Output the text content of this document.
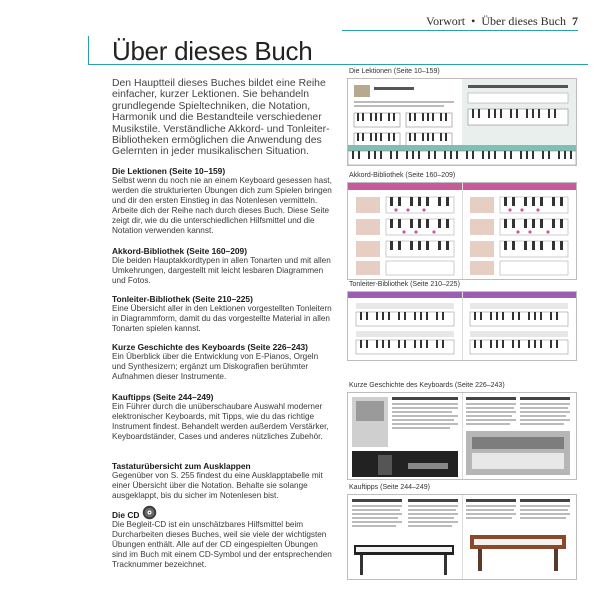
Vorwort • Über dieses Buch 7
Über dieses Buch
Den Hauptteil dieses Buches bildet eine Reihe einfacher, kurzer Lektionen. Sie behandeln grundlegende Spieltechniken, die Notation, Harmonik und die Bestandteile verschiedener Musikstile. Verständliche Akkord- und Tonleiter-Bibliotheken ermöglichen die Anwendung des Gelernten in jeder musikalischen Situation.
Die Lektionen (Seite 10–159)

Selbst wenn du noch nie an einem Keyboard gesessen hast, werden die strukturierten Übungen dich zum Spielen bringen und dir den ersten Einstieg in das Notenlesen vermitteln. Arbeite dich der Reihe nach durch dieses Buch. Diese Seite zeigt dir, wie du die unterschiedlichen Hilfsmittel und die Notation verwenden kannst.

Akkord-Bibliothek (Seite 160–209)

Die beiden Hauptakkordtypen in allen Tonarten und mit allen Umkehrungen, dargestellt mit leicht lesbaren Diagrammen und Fotos.

Tonleiter-Bibliothek (Seite 210–225)

Eine Übersicht aller in den Lektionen vorgestellten Tonleitern in Diagrammform, damit du das vorgestellte Material in allen Tonarten spielen kannst.

Kurze Geschichte des Keyboards (Seite 226–243)

Ein Überblick über die Entwicklung von E-Pianos, Orgeln und Synthesizern; ergänzt um Diskografien berühmter Aufnahmen dieser Instrumente.

Kauftipps (Seite 244–249)

Ein Führer durch die unüberschaubare Auswahl moderner elektronischer Keyboards, mit Tipps, wie du das richtige Instrument findest. Behandelt werden außerdem Verstärker, Keyboardständer, Cases und anderes nützliches Zubehör.

Tastaturübersicht zum Ausklappen

Gegenüber von S. 255 findest du eine Ausklapptabelle mit einer Übersicht über die Notation. Behalte sie solange ausgeklappt, bis du sicher im Notenlesen bist.

Die CD

Die Begleit-CD ist ein unschätzbares Hilfsmittel beim Durcharbeiten dieses Buches, weil sie viele der wichtigsten Übungen enthält. Alle auf der CD eingespielten Übungen sind im Buch mit einem CD-Symbol und der entsprechenden Tracknummer bezeichnet.

Die Lektionen (Seite 10–159)
Akkord-Bibliothek (Seite 160–209)
Tonleiter-Bibliothek (Seite 210–225)
Kurze Geschichte des Keyboards (Seite 226–243)
Kauftipps (Seite 244–249)
